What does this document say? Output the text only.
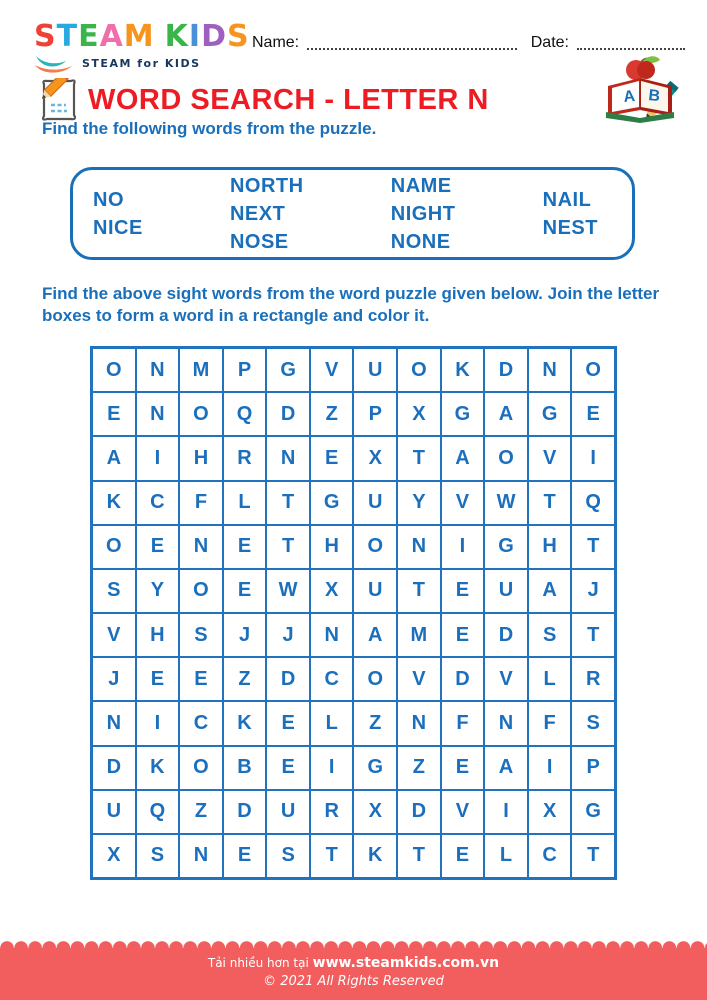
STEAM KIDS
STEAM for KIDS
Name:	Date:
A B
WORD SEARCH - LETTER N
Find the following words from the puzzle.
NO
NICE
NORTH
NEXT
NOSE
NAME
NIGHT
NONE
NAIL
NEST
Find the above sight words from the word puzzle given below. Join the letter boxes to form a word in a rectangle and color it.
O	N	M	P	G	V	U	O	K	D	N	O
E	N	O	Q	D	Z	P	X	G	A	G	E
A	I	H	R	N	E	X	T	A	O	V	I
K	C	F	L	T	G	U	Y	V	W	T	Q
O	E	N	E	T	H	O	N	I	G	H	T
S	Y	O	E	W	X	U	T	E	U	A	J
V	H	S	J	J	N	A	M	E	D	S	T
J	E	E	Z	D	C	O	V	D	V	L	R
N	I	C	K	E	L	Z	N	F	N	F	S
D	K	O	B	E	I	G	Z	E	A	I	P
U	Q	Z	D	U	R	X	D	V	I	X	G
X	S	N	E	S	T	K	T	E	L	C	T
Tải nhiều hơn tại www.steamkids.com.vn
© 2021 All Rights Reserved
